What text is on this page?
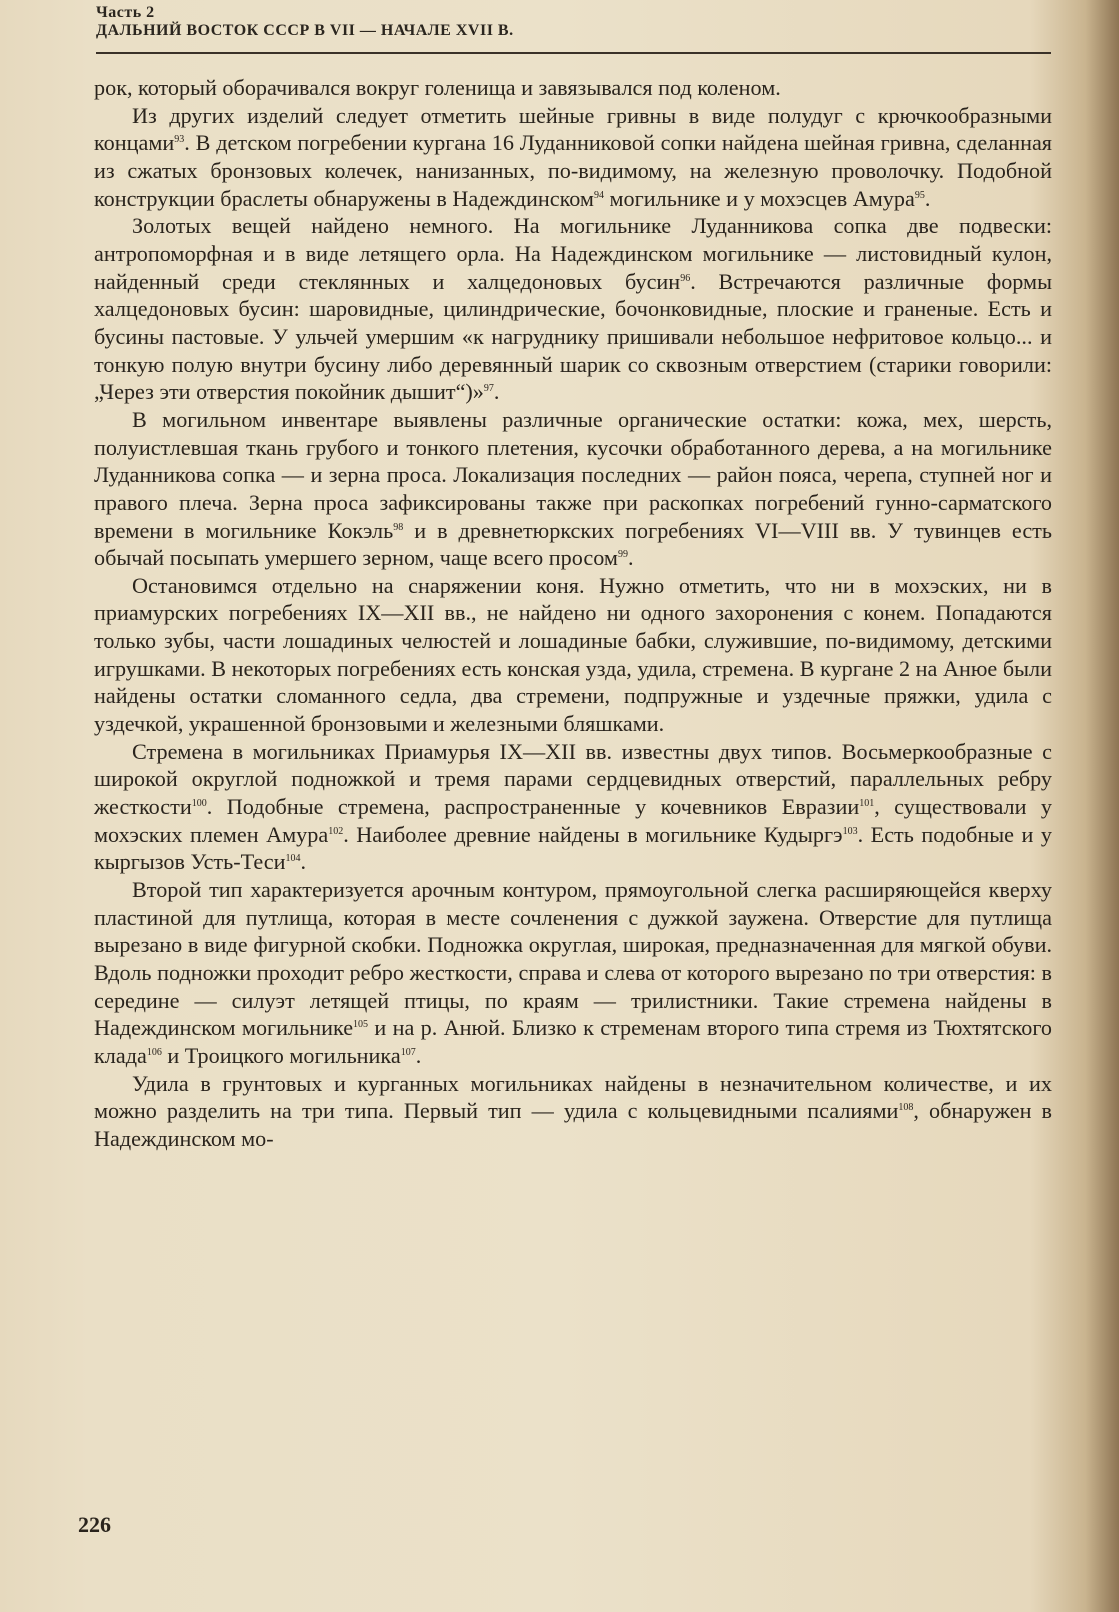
Часть 2
ДАЛЬНИЙ ВОСТОК СССР В VII — НАЧАЛЕ XVII В.

рок, который оборачивался вокруг голенища и завязывался под коленом.

Из других изделий следует отметить шейные гривны в виде полудуг с крючкообразными концами$^{93}$. В детском погребении кургана 16 Луданниковой сопки найдена шейная гривна, сделанная из сжатых бронзовых колечек, нанизанных, по-видимому, на железную проволочку. Подобной конструкции браслеты обнаружены в Надеждинском$^{94}$ могильнике и у мохэсцев Амура$^{95}$.

Золотых вещей найдено немного. На могильнике Луданникова сопка две подвески: антропоморфная и в виде летящего орла. На Надеждинском могильнике — листовидный кулон, найденный среди стеклянных и халцедоновых бусин$^{96}$. Встречаются различные формы халцедоновых бусин: шаровидные, цилиндрические, бочонковидные, плоские и граненые. Есть и бусины пастовые. У ульчей умершим «к нагруднику пришивали небольшое нефритовое кольцо... и тонкую полую внутри бусину либо деревянный шарик со сквозным отверстием (старики говорили: „Через эти отверстия покойник дышит“)»$^{97}$.

В могильном инвентаре выявлены различные органические остатки: кожа, мех, шерсть, полуистлевшая ткань грубого и тонкого плетения, кусочки обработанного дерева, а на могильнике Луданникова сопка — и зерна проса. Локализация последних — район пояса, черепа, ступней ног и правого плеча. Зерна проса зафиксированы также при раскопках погребений гунно-сарматского времени в могильнике Кокэль$^{98}$ и в древнетюркских погребениях VI—VIII вв. У тувинцев есть обычай посыпать умершего зерном, чаще всего просом$^{99}$.

Остановимся отдельно на снаряжении коня. Нужно отметить, что ни в мохэских, ни в приамурских погребениях IX—XII вв., не найдено ни одного захоронения с конем. Попадаются только зубы, части лошадиных челюстей и лошадиные бабки, служившие, по-видимому, детскими игрушками. В некоторых погребениях есть конская узда, удила, стремена. В кургане 2 на Анюе были найдены остатки сломанного седла, два стремени, подпружные и уздечные пряжки, удила с уздечкой, украшенной бронзовыми и железными бляшками.

Стремена в могильниках Приамурья IX—XII вв. известны двух типов. Восьмеркообразные с широкой округлой подножкой и тремя парами сердцевидных отверстий, параллельных ребру жесткости$^{100}$. Подобные стремена, распространенные у кочевников Евразии$^{101}$, существовали у мохэских племен Амура$^{102}$. Наиболее древние найдены в могильнике Кудыргэ$^{103}$. Есть подобные и у кыргызов Усть-Теси$^{104}$.

Второй тип характеризуется арочным контуром, прямоугольной слегка расширяющейся кверху пластиной для путлища, которая в месте сочленения с дужкой заужена. Отверстие для путлища вырезано в виде фигурной скобки. Подножка округлая, широкая, предназначенная для мягкой обуви. Вдоль подножки проходит ребро жесткости, справа и слева от которого вырезано по три отверстия: в середине — силуэт летящей птицы, по краям — трилистники. Такие стремена найдены в Надеждинском могильнике$^{105}$ и на р. Анюй. Близко к стременам второго типа стремя из Тюхтятского клада$^{106}$ и Троицкого могильника$^{107}$.

Удила в грунтовых и курганных могильниках найдены в незначительном количестве, и их можно разделить на три типа. Первый тип — удила с кольцевидными псалиями$^{108}$, обнаружен в Надеждинском мо-

226
